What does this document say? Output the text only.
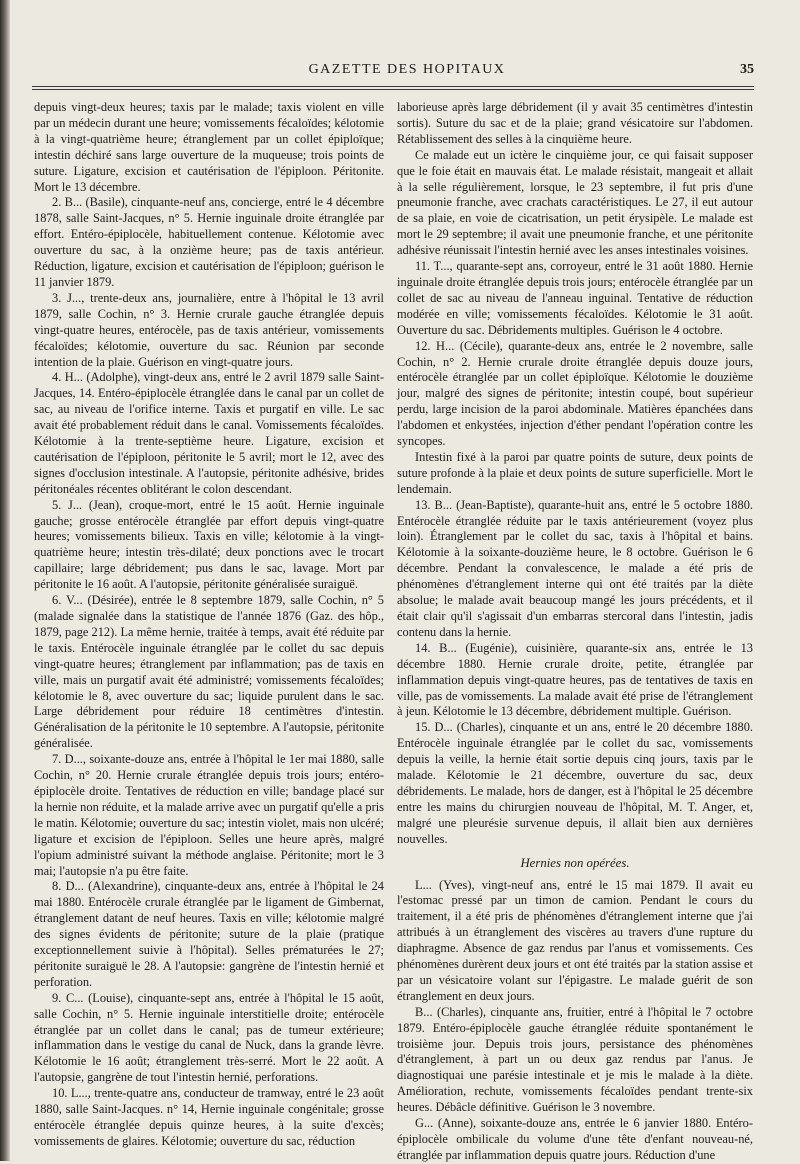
GAZETTE DES HOPITAUX	35

depuis vingt-deux heures; taxis par le malade; taxis violent en ville par un médecin durant une heure; vomissements fécaloïdes; kélotomie à la vingt-quatrième heure; étranglement par un collet épiploïque; intestin déchiré sans large ouverture de la muqueuse; trois points de suture. Ligature, excision et cautérisation de l'épiploon. Péritonite. Mort le 13 décembre.

2. B... (Basile), cinquante-neuf ans, concierge, entré le 4 décembre 1878, salle Saint-Jacques, n° 5. Hernie inguinale droite étranglée par effort. Entéro-épiplocèle, habituellement contenue. Kélotomie avec ouverture du sac, à la onzième heure; pas de taxis antérieur. Réduction, ligature, excision et cautérisation de l'épiploon; guérison le 11 janvier 1879.

3. J..., trente-deux ans, journalière, entre à l'hôpital le 13 avril 1879, salle Cochin, n° 3. Hernie crurale gauche étranglée depuis vingt-quatre heures, entérocèle, pas de taxis antérieur, vomissements fécaloïdes; kélotomie, ouverture du sac. Réunion par seconde intention de la plaie. Guérison en vingt-quatre jours.

4. H... (Adolphe), vingt-deux ans, entré le 2 avril 1879 salle Saint-Jacques, 14. Entéro-épiplocèle étranglée dans le canal par un collet de sac, au niveau de l'orifice interne. Taxis et purgatif en ville. Le sac avait été probablement réduit dans le canal. Vomissements fécaloïdes. Kélotomie à la trente-septième heure. Ligature, excision et cautérisation de l'épiploon, péritonite le 5 avril; mort le 12, avec des signes d'occlusion intestinale. A l'autopsie, péritonite adhésive, brides péritonéales récentes oblitérant le colon descendant.

5. J... (Jean), croque-mort, entré le 15 août. Hernie inguinale gauche; grosse entérocèle étranglée par effort depuis vingt-quatre heures; vomissements bilieux. Taxis en ville; kélotomie à la vingt-quatrième heure; intestin très-dilaté; deux ponctions avec le trocart capillaire; large débridement; pus dans le sac, lavage. Mort par péritonite le 16 août. A l'autopsie, péritonite généralisée suraiguë.

6. V... (Désirée), entrée le 8 septembre 1879, salle Cochin, n° 5 (malade signalée dans la statistique de l'année 1876 (Gaz. des hôp., 1879, page 212). La même hernie, traitée à temps, avait été réduite par le taxis. Entérocèle inguinale étranglée par le collet du sac depuis vingt-quatre heures; étranglement par inflammation; pas de taxis en ville, mais un purgatif avait été administré; vomissements fécaloïdes; kélotomie le 8, avec ouverture du sac; liquide purulent dans le sac. Large débridement pour réduire 18 centimètres d'intestin. Généralisation de la péritonite le 10 septembre. A l'autopsie, péritonite généralisée.

7. D..., soixante-douze ans, entrée à l'hôpital le 1er mai 1880, salle Cochin, n° 20. Hernie crurale étranglée depuis trois jours; entéro-épiplocèle droite. Tentatives de réduction en ville; bandage placé sur la hernie non réduite, et la malade arrive avec un purgatif qu'elle a pris le matin. Kélotomie; ouverture du sac; intestin violet, mais non ulcéré; ligature et excision de l'épiploon. Selles une heure après, malgré l'opium administré suivant la méthode anglaise. Péritonite; mort le 3 mai; l'autopsie n'a pu être faite.

8. D... (Alexandrine), cinquante-deux ans, entrée à l'hôpital le 24 mai 1880. Entérocèle crurale étranglée par le ligament de Gimbernat, étranglement datant de neuf heures. Taxis en ville; kélotomie malgré des signes évidents de péritonite; suture de la plaie (pratique exceptionnellement suivie à l'hôpital). Selles prématurées le 27; péritonite suraiguë le 28. A l'autopsie: gangrène de l'intestin hernié et perforation.

9. C... (Louise), cinquante-sept ans, entrée à l'hôpital le 15 août, salle Cochin, n° 5. Hernie inguinale interstitielle droite; entérocèle étranglée par un collet dans le canal; pas de tumeur extérieure; inflammation dans le vestige du canal de Nuck, dans la grande lèvre. Kélotomie le 16 août; étranglement très-serré. Mort le 22 août. A l'autopsie, gangrène de tout l'intestin hernié, perforations.

10. L..., trente-quatre ans, conducteur de tramway, entré le 23 août 1880, salle Saint-Jacques. n° 14, Hernie inguinale congénitale; grosse entérocèle étranglée depuis quinze heures, à la suite d'excès; vomissements de glaires. Kélotomie; ouverture du sac, réduction

laborieuse après large débridement (il y avait 35 centimètres d'intestin sortis). Suture du sac et de la plaie; grand vésicatoire sur l'abdomen. Rétablissement des selles à la cinquième heure.

Ce malade eut un ictère le cinquième jour, ce qui faisait supposer que le foie était en mauvais état. Le malade résistait, mangeait et allait à la selle régulièrement, lorsque, le 23 septembre, il fut pris d'une pneumonie franche, avec crachats caractéristiques. Le 27, il eut autour de sa plaie, en voie de cicatrisation, un petit érysipèle. Le malade est mort le 29 septembre; il avait une pneumonie franche, et une péritonite adhésive réunissait l'intestin hernié avec les anses intestinales voisines.

11. T..., quarante-sept ans, corroyeur, entré le 31 août 1880. Hernie inguinale droite étranglée depuis trois jours; entérocèle étranglée par un collet de sac au niveau de l'anneau inguinal. Tentative de réduction modérée en ville; vomissements fécaloïdes. Kélotomie le 31 août. Ouverture du sac. Débridements multiples. Guérison le 4 octobre.

12. H... (Cécile), quarante-deux ans, entrée le 2 novembre, salle Cochin, n° 2. Hernie crurale droite étranglée depuis douze jours, entérocèle étranglée par un collet épiploïque. Kélotomie le douzième jour, malgré des signes de péritonite; intestin coupé, bout supérieur perdu, large incision de la paroi abdominale. Matières épanchées dans l'abdomen et enkystées, injection d'éther pendant l'opération contre les syncopes.

Intestin fixé à la paroi par quatre points de suture, deux points de suture profonde à la plaie et deux points de suture superficielle. Mort le lendemain.

13. B... (Jean-Baptiste), quarante-huit ans, entré le 5 octobre 1880. Entérocèle étranglée réduite par le taxis antérieurement (voyez plus loin). Étranglement par le collet du sac, taxis à l'hôpital et bains. Kélotomie à la soixante-douzième heure, le 8 octobre. Guérison le 6 décembre. Pendant la convalescence, le malade a été pris de phénomènes d'étranglement interne qui ont été traités par la diète absolue; le malade avait beaucoup mangé les jours précédents, et il était clair qu'il s'agissait d'un embarras stercoral dans l'intestin, jadis contenu dans la hernie.

14. B... (Eugénie), cuisinière, quarante-six ans, entrée le 13 décembre 1880. Hernie crurale droite, petite, étranglée par inflammation depuis vingt-quatre heures, pas de tentatives de taxis en ville, pas de vomissements. La malade avait été prise de l'étranglement à jeun. Kélotomie le 13 décembre, débridement multiple. Guérison.

15. D... (Charles), cinquante et un ans, entré le 20 décembre 1880. Entérocèle inguinale étranglée par le collet du sac, vomissements depuis la veille, la hernie était sortie depuis cinq jours, taxis par le malade. Kélotomie le 21 décembre, ouverture du sac, deux débridements. Le malade, hors de danger, est à l'hôpital le 25 décembre entre les mains du chirurgien nouveau de l'hôpital, M. T. Anger, et, malgré une pleurésie survenue depuis, il allait bien aux dernières nouvelles.

Hernies non opérées.

L... (Yves), vingt-neuf ans, entré le 15 mai 1879. Il avait eu l'estomac pressé par un timon de camion. Pendant le cours du traitement, il a été pris de phénomènes d'étranglement interne que j'ai attribués à un étranglement des viscères au travers d'une rupture du diaphragme. Absence de gaz rendus par l'anus et vomissements. Ces phénomènes durèrent deux jours et ont été traités par la station assise et par un vésicatoire volant sur l'épigastre. Le malade guérit de son étranglement en deux jours.

B... (Charles), cinquante ans, fruitier, entré à l'hôpital le 7 octobre 1879. Entéro-épiplocèle gauche étranglée réduite spontanément le troisième jour. Depuis trois jours, persistance des phénomènes d'étranglement, à part un ou deux gaz rendus par l'anus. Je diagnostiquai une parésie intestinale et je mis le malade à la diète. Amélioration, rechute, vomissements fécaloïdes pendant trente-six heures. Débâcle définitive. Guérison le 3 novembre.

G... (Anne), soixante-douze ans, entrée le 6 janvier 1880. Entéro-épiplocèle ombilicale du volume d'une tête d'enfant nouveau-né, étranglée par inflammation depuis quatre jours. Réduction d'une
